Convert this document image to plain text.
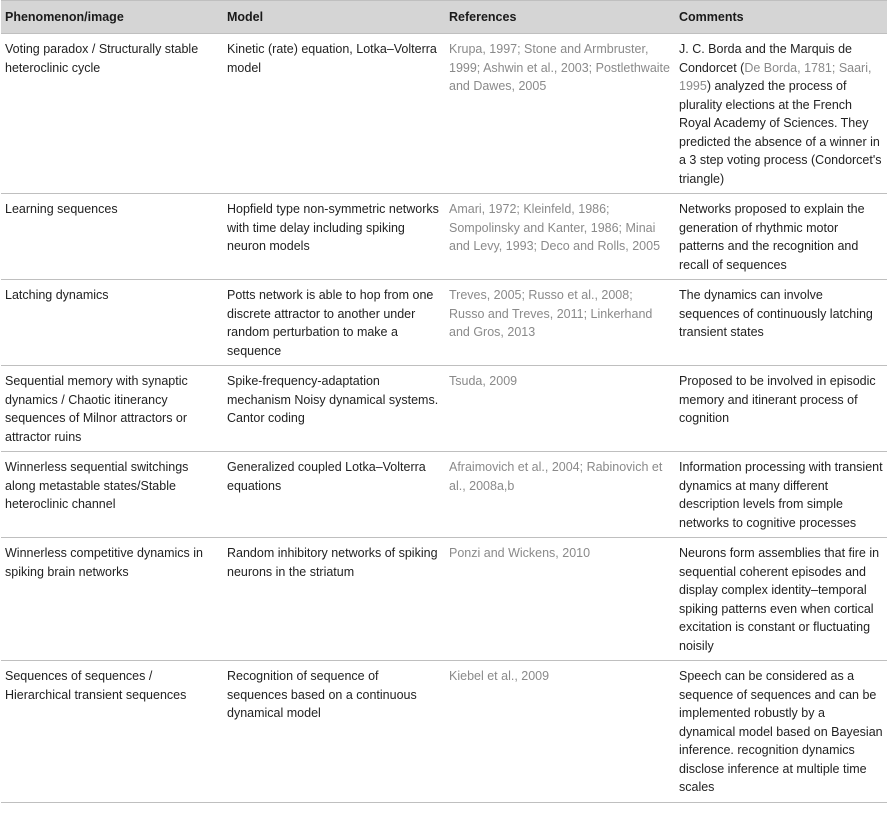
Phenomenon/image	Model	References	Comments
Voting paradox / Structurally stable heteroclinic cycle	Kinetic (rate) equation, Lotka–Volterra model	Krupa, 1997; Stone and Armbruster, 1999; Ashwin et al., 2003; Postlethwaite and Dawes, 2005	J. C. Borda and the Marquis de Condorcet (De Borda, 1781; Saari, 1995) analyzed the process of plurality elections at the French Royal Academy of Sciences. They predicted the absence of a winner in a 3 step voting process (Condorcet's triangle)
Learning sequences	Hopfield type non-symmetric networks with time delay including spiking neuron models	Amari, 1972; Kleinfeld, 1986; Sompolinsky and Kanter, 1986; Minai and Levy, 1993; Deco and Rolls, 2005	Networks proposed to explain the generation of rhythmic motor patterns and the recognition and recall of sequences
Latching dynamics	Potts network is able to hop from one discrete attractor to another under random perturbation to make a sequence	Treves, 2005; Russo et al., 2008; Russo and Treves, 2011; Linkerhand and Gros, 2013	The dynamics can involve sequences of continuously latching transient states
Sequential memory with synaptic dynamics / Chaotic itinerancy sequences of Milnor attractors or attractor ruins	Spike-frequency-adaptation mechanism Noisy dynamical systems. Cantor coding	Tsuda, 2009	Proposed to be involved in episodic memory and itinerant process of cognition
Winnerless sequential switchings along metastable states/Stable heteroclinic channel	Generalized coupled Lotka–Volterra equations	Afraimovich et al., 2004; Rabinovich et al., 2008a,b	Information processing with transient dynamics at many different description levels from simple networks to cognitive processes
Winnerless competitive dynamics in spiking brain networks	Random inhibitory networks of spiking neurons in the striatum	Ponzi and Wickens, 2010	Neurons form assemblies that fire in sequential coherent episodes and display complex identity–temporal spiking patterns even when cortical excitation is constant or fluctuating noisily
Sequences of sequences / Hierarchical transient sequences	Recognition of sequence of sequences based on a continuous dynamical model	Kiebel et al., 2009	Speech can be considered as a sequence of sequences and can be implemented robustly by a dynamical model based on Bayesian inference. recognition dynamics disclose inference at multiple time scales
